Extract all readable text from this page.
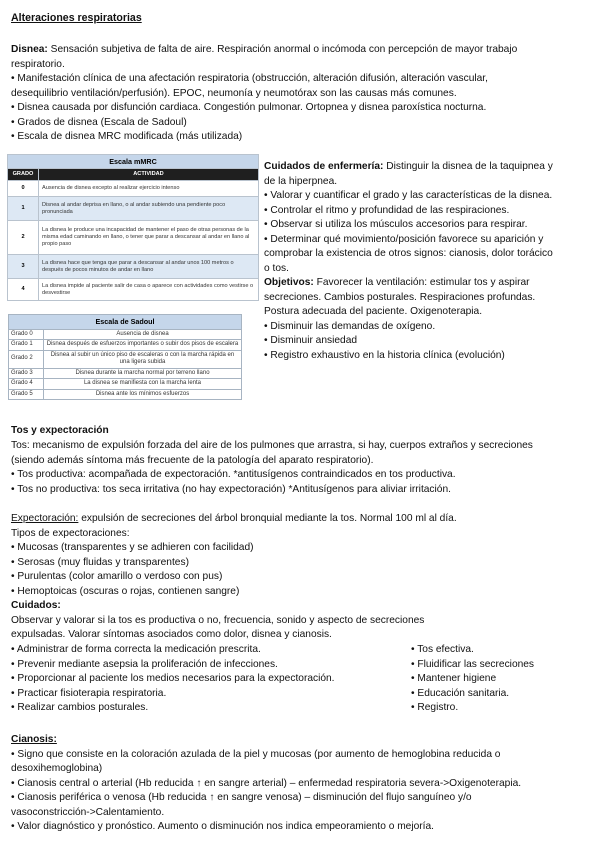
Alteraciones respiratorias
Disnea: Sensación subjetiva de falta de aire. Respiración anormal o incómoda con percepción de mayor trabajo
respiratorio.
• Manifestación clínica de una afectación respiratoria (obstrucción, alteración difusión, alteración vascular,
desequilibrio ventilación/perfusión). EPOC, neumonía y neumotórax son las causas más comunes.
• Disnea causada por disfunción cardiaca. Congestión pulmonar. Ortopnea y disnea paroxística nocturna.
• Grados de disnea (Escala de Sadoul)
• Escala de disnea MRC modificada (más utilizada)
Escala mMRC	
GRADO	ACTIVIDAD
0	Ausencia de disnea excepto al realizar ejercicio intenso
1	Disnea al andar deprisa en llano, o al andar subiendo una pendiente poco pronunciada
2	La disnea le produce una incapacidad de mantener el paso de otras personas de la misma edad caminando en llano, o tener que parar a descansar al andar en llano al propio paso
3	La disnea hace que tenga que parar a descansar al andar unos 100 metros o después de pocos minutos de andar en llano
4	La disnea impide al paciente salir de casa o aparece con actividades como vestirse o desvestirse
Escala de Sadoul	
Grado 0	Ausencia de disnea
Grado 1	Disnea después de esfuerzos importantes o subir dos pisos de escalera
Grado 2	Disnea al subir un único piso de escaleras o con la marcha rápida en una ligera subida
Grado 3	Disnea durante la marcha normal por terreno llano
Grado 4	La disnea se manifiesta con la marcha lenta
Grado 5	Disnea ante los mínimos esfuerzos
Cuidados de enfermería: Distinguir la disnea de la taquipnea y
de la hiperpnea.
• Valorar y cuantificar el grado y las características de la disnea.
• Controlar el ritmo y profundidad de las respiraciones.
• Observar si utiliza los músculos accesorios para respirar.
• Determinar qué movimiento/posición favorece su aparición y
comprobar la existencia de otros signos: cianosis, dolor torácico
o tos.
Objetivos: Favorecer la ventilación: estimular tos y aspirar
secreciones. Cambios posturales. Respiraciones profundas.
Postura adecuada del paciente. Oxigenoterapia.
• Disminuir las demandas de oxígeno.
• Disminuir ansiedad
• Registro exhaustivo en la historia clínica (evolución)
Tos y expectoración
Tos: mecanismo de expulsión forzada del aire de los pulmones que arrastra, si hay, cuerpos extraños y secreciones
(siendo además síntoma más frecuente de la patología del aparato respiratorio).
• Tos productiva: acompañada de expectoración. *antitusígenos contraindicados en tos productiva.
• Tos no productiva: tos seca irritativa (no hay expectoración) *Antitusígenos para aliviar irritación.
Expectoración: expulsión de secreciones del árbol bronquial mediante la tos. Normal 100 ml al día.
Tipos de expectoraciones:
• Mucosas (transparentes y se adhieren con facilidad)
• Serosas (muy fluidas y transparentes)
• Purulentas (color amarillo o verdoso con pus)
• Hemoptoicas (oscuras o rojas, contienen sangre)
Cuidados:
Observar y valorar si la tos es productiva o no, frecuencia, sonido y aspecto de secreciones
expulsadas. Valorar síntomas asociados como dolor, disnea y cianosis.
• Administrar de forma correcta la medicación prescrita.
• Prevenir mediante asepsia la proliferación de infecciones.
• Proporcionar al paciente los medios necesarios para la expectoración.
• Practicar fisioterapia respiratoria.
• Realizar cambios posturales.
• Tos efectiva.
• Fluidificar las secreciones
• Mantener higiene
• Educación sanitaria.
• Registro.
Cianosis:
• Signo que consiste en la coloración azulada de la piel y mucosas (por aumento de hemoglobina reducida o
desoxihemoglobina)
• Cianosis central o arterial (Hb reducida ↑ en sangre arterial) – enfermedad respiratoria severa->Oxigenoterapia.
• Cianosis periférica o venosa (Hb reducida ↑ en sangre venosa) – disminución del flujo sanguíneo y/o
vasoconstricción->Calentamiento.
• Valor diagnóstico y pronóstico. Aumento o disminución nos indica empeoramiento o mejoría.
